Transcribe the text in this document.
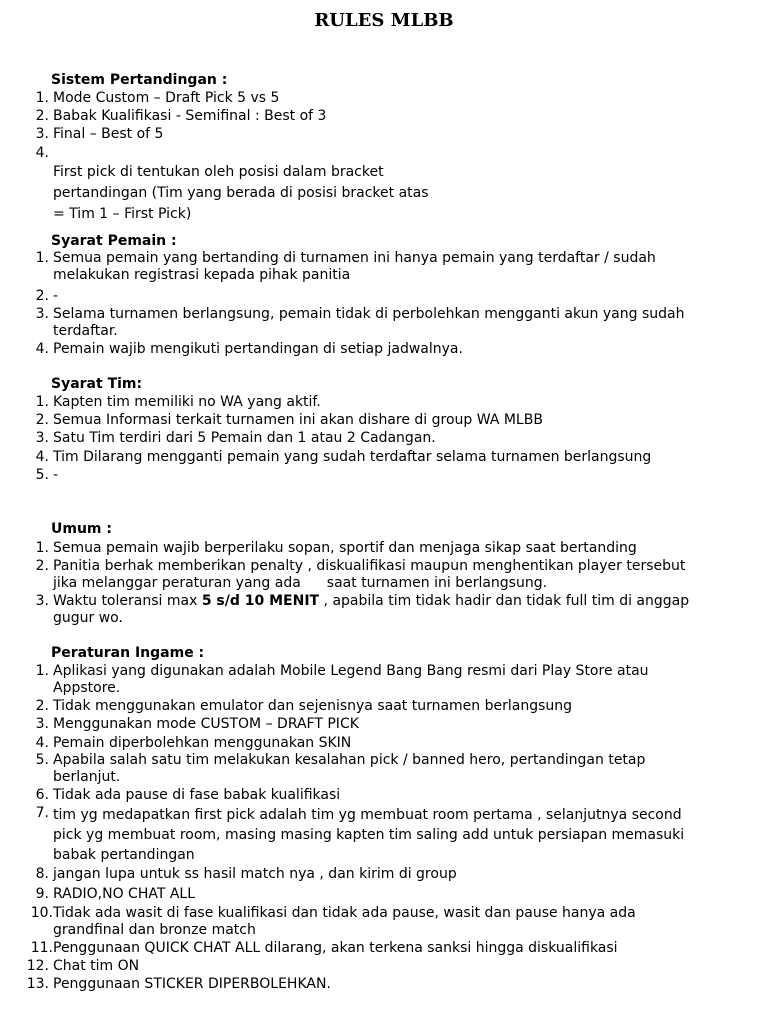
RULES MLBB
Sistem Pertandingan :
1. Mode Custom – Draft Pick 5 vs 5
2. Babak Kualifikasi - Semifinal : Best of 3
3. Final – Best of 5
4.
First pick di tentukan oleh posisi dalam bracket
pertandingan (Tim yang berada di posisi bracket atas
= Tim 1 – First Pick)
Syarat Pemain :
1. Semua pemain yang bertanding di turnamen ini hanya pemain yang terdaftar / sudah
melakukan registrasi kepada pihak panitia
2. -
3. Selama turnamen berlangsung, pemain tidak di perbolehkan mengganti akun yang sudah
terdaftar.
4. Pemain wajib mengikuti pertandingan di setiap jadwalnya.
Syarat Tim:
1. Kapten tim memiliki no WA yang aktif.
2. Semua Informasi terkait turnamen ini akan dishare di group WA MLBB
3. Satu Tim terdiri dari 5 Pemain dan 1 atau 2 Cadangan.
4. Tim Dilarang mengganti pemain yang sudah terdaftar selama turnamen berlangsung
5. -
Umum :
1. Semua pemain wajib berperilaku sopan, sportif dan menjaga sikap saat bertanding
2. Panitia berhak memberikan penalty , diskualifikasi maupun menghentikan player tersebut
jika melanggar peraturan yang ada saat turnamen ini berlangsung.
3. Waktu toleransi max 5 s/d 10 MENIT , apabila tim tidak hadir dan tidak full tim di anggap
gugur wo.
Peraturan Ingame :
1. Aplikasi yang digunakan adalah Mobile Legend Bang Bang resmi dari Play Store atau
Appstore.
2. Tidak menggunakan emulator dan sejenisnya saat turnamen berlangsung
3. Menggunakan mode CUSTOM – DRAFT PICK
4. Pemain diperbolehkan menggunakan SKIN
5. Apabila salah satu tim melakukan kesalahan pick / banned hero, pertandingan tetap
berlanjut.
6. Tidak ada pause di fase babak kualifikasi
7. tim yg medapatkan first pick adalah tim yg membuat room pertama , selanjutnya second
pick yg membuat room, masing masing kapten tim saling add untuk persiapan memasuki
babak pertandingan
8. jangan lupa untuk ss hasil match nya , dan kirim di group
9. RADIO,NO CHAT ALL
10. Tidak ada wasit di fase kualifikasi dan tidak ada pause, wasit dan pause hanya ada
grandfinal dan bronze match
11. Penggunaan QUICK CHAT ALL dilarang, akan terkena sanksi hingga diskualifikasi
12. Chat tim ON
13. Penggunaan STICKER DIPERBOLEHKAN.
